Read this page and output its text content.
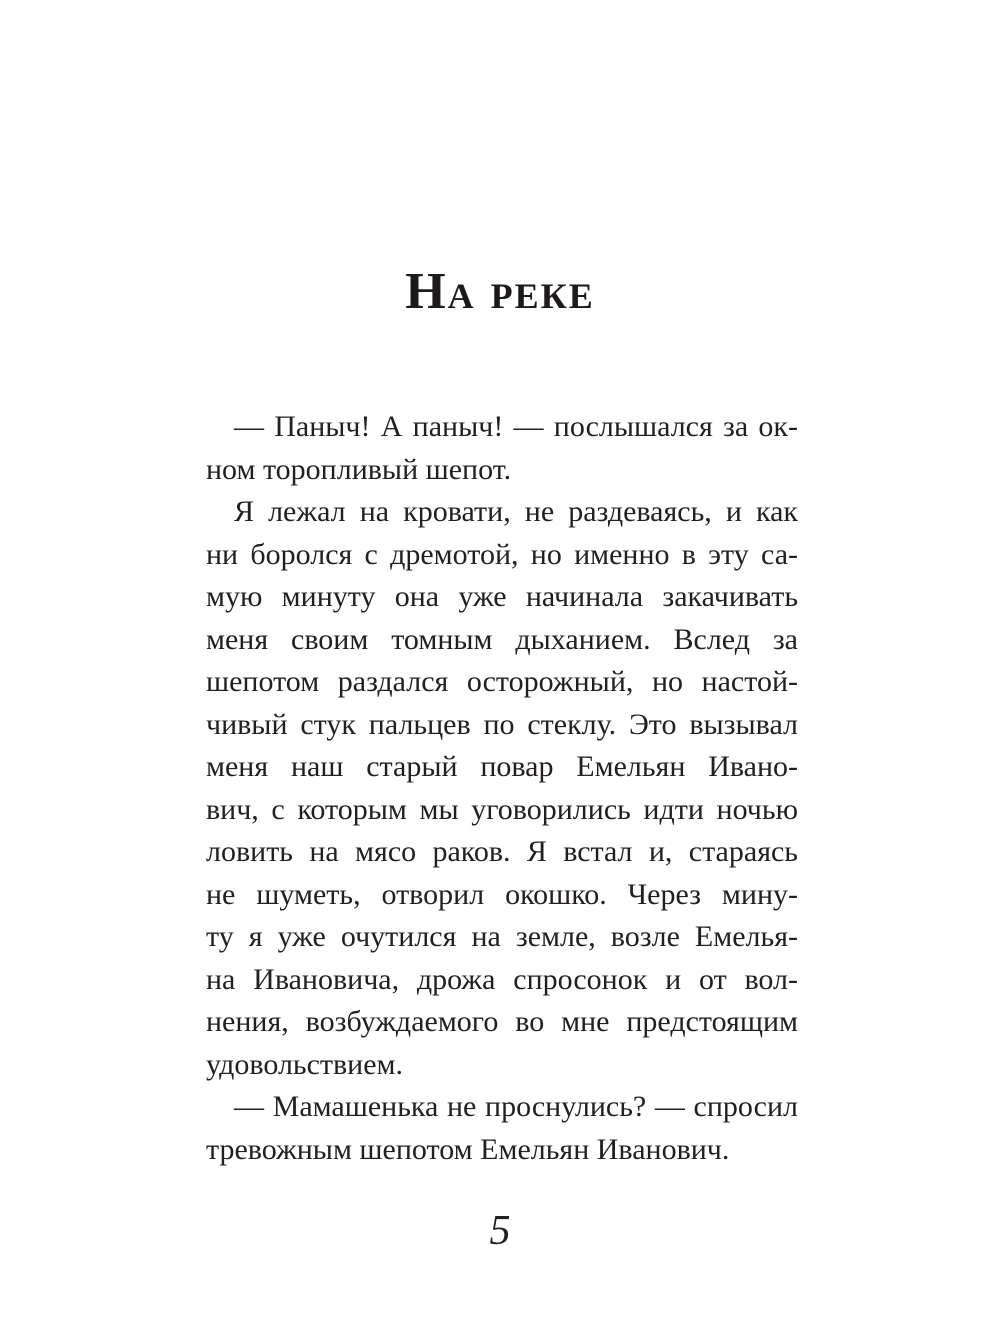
На реке
— Паныч! А паныч! — послышался за ок-
ном торопливый шепот.
Я лежал на кровати, не раздеваясь, и как
ни боролся с дремотой, но именно в эту са-
мую минуту она уже начинала закачивать
меня своим томным дыханием. Вслед за
шепотом раздался осторожный, но настой-
чивый стук пальцев по стеклу. Это вызывал
меня наш старый повар Емельян Ивано-
вич, с которым мы уговорились идти ночью
ловить на мясо раков. Я встал и, стараясь
не шуметь, отворил окошко. Через мину-
ту я уже очутился на земле, возле Емелья-
на Ивановича, дрожа спросонок и от вол-
нения, возбуждаемого во мне предстоящим
удовольствием.
— Мамашенька не проснулись? — спросил
тревожным шепотом Емельян Иванович.
5
